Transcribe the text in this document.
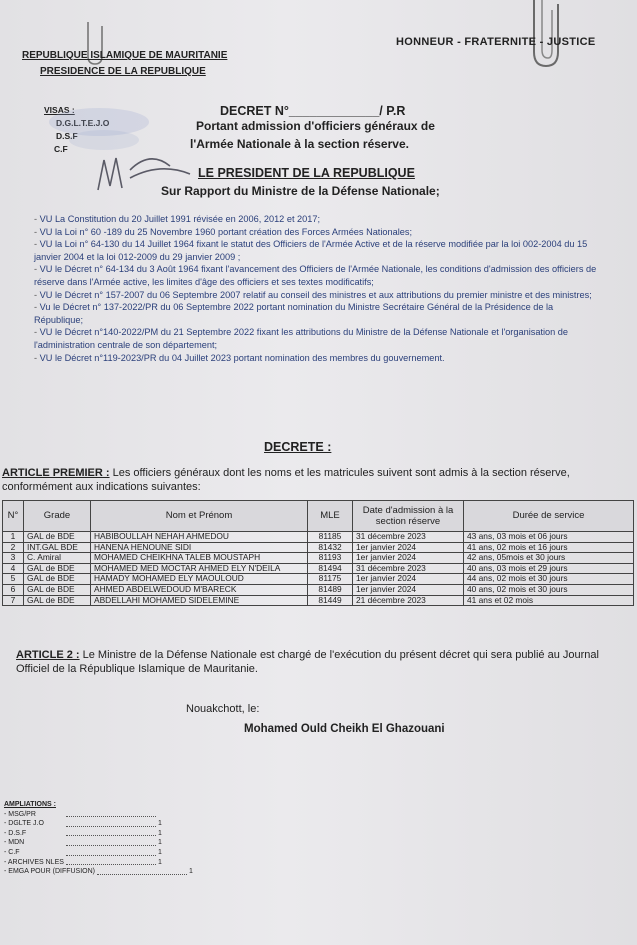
HONNEUR - FRATERNITE - JUSTICE
REPUBLIQUE ISLAMIQUE DE MAURITANIE
PRESIDENCE DE LA REPUBLIQUE
VISAS :
D.G.L.T.E.J.O
D.S.F
C.F
DECRET N°_____________/ P.R
Portant admission d'officiers généraux de
l'Armée Nationale à la section réserve.
LE PRESIDENT DE LA REPUBLIQUE
Sur Rapport du Ministre de la Défense Nationale;
- VU La Constitution du 20 Juillet 1991 révisée en 2006, 2012 et 2017;
- VU la Loi n° 60 -189 du 25 Novembre 1960 portant création des Forces Armées Nationales;
- VU la Loi n° 64-130 du 14 Juillet 1964 fixant le statut des Officiers de l'Armée Active et de la réserve modifiée par la loi 002-2004 du 15 janvier 2004 et la loi 012-2009 du 29 janvier 2009 ;
- VU le Décret n° 64-134 du 3 Août 1964 fixant l'avancement des Officiers de l'Armée Nationale, les conditions d'admission des officiers de réserve dans l'Armée active, les limites d'âge des officiers et ses textes modificatifs;
- VU le Décret n° 157-2007 du 06 Septembre 2007 relatif au conseil des ministres et aux attributions du premier ministre et des ministres;
- Vu le Décret n° 137-2022/PR du 06 Septembre 2022 portant nomination du Ministre Secrétaire Général de la Présidence de la République;
- VU le Décret n°140-2022/PM du 21 Septembre 2022 fixant les attributions du Ministre de la Défense Nationale et l'organisation de l'administration centrale de son département;
- VU le Décret n°119-2023/PR du 04 Juillet 2023 portant nomination des membres du gouvernement.
DECRETE :
ARTICLE PREMIER : Les officiers généraux dont les noms et les matricules suivent sont admis à la section réserve, conformément aux indications suivantes:
N°	Grade	Nom et Prénom	MLE	Date d'admission à la section réserve	Durée de service
1	GAL de BDE	HABIBOULLAH NEHAH AHMEDOU	81185	31 décembre 2023	43 ans, 03 mois et 06 jours
2	INT.GAL BDE	HANENA HENOUNE SIDI	81432	1er janvier 2024	41 ans, 02 mois et 16 jours
3	C. Amiral	MOHAMED CHEIKHNA TALEB MOUSTAPH	81193	1er janvier 2024	42 ans, 05mois et 30 jours
4	GAL de BDE	MOHAMED MED MOCTAR AHMED ELY N'DEILA	81494	31 décembre 2023	40 ans, 03 mois et 29 jours
5	GAL de BDE	HAMADY MOHAMED ELY MAOULOUD	81175	1er janvier 2024	44 ans, 02 mois et 30 jours
6	GAL de BDE	AHMED ABDELWEDOUD M'BARECK	81489	1er janvier 2024	40 ans, 02 mois et 30 jours
7	GAL de BDE	ABDELLAHI MOHAMED SIDELEMINE	81449	21 décembre 2023	41 ans et 02 mois
ARTICLE 2 : Le Ministre de la Défense Nationale est chargé de l'exécution du présent décret qui sera publié au Journal Officiel de la République Islamique de Mauritanie.
Nouakchott, le:
Mohamed Ould Cheikh El Ghazouani
AMPLIATIONS :
- MSG/PR
- DGLTE J.O	1
- D.S.F	1
- MDN	1
- C.F	1
- ARCHIVES NLES	1
- EMGA POUR (DIFFUSION)	1
